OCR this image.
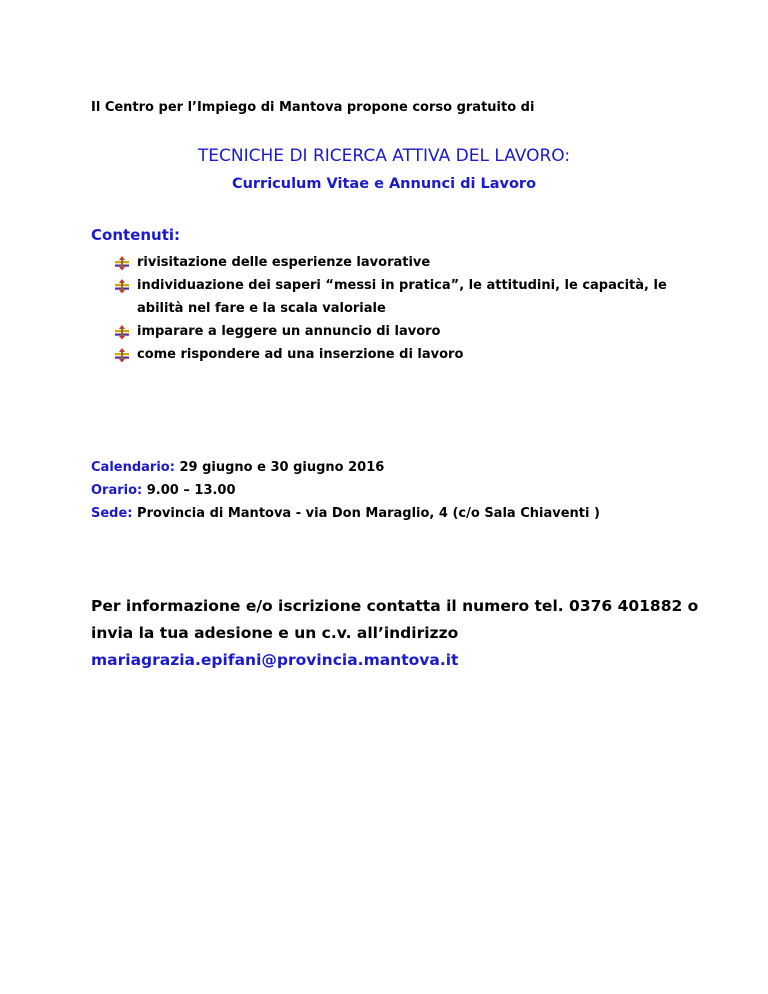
Il Centro per l’Impiego di Mantova propone corso gratuito di
TECNICHE DI RICERCA ATTIVA DEL LAVORO:
Curriculum Vitae e Annunci di Lavoro
Contenuti:
rivisitazione delle esperienze lavorative
individuazione dei saperi “messi in pratica”, le attitudini, le capacità, le abilità nel fare e la scala valoriale
imparare a leggere un annuncio di lavoro
come rispondere ad una inserzione di lavoro
Calendario: 29 giugno e 30 giugno 2016
Orario: 9.00 – 13.00
Sede: Provincia di Mantova - via Don Maraglio, 4 (c/o Sala Chiaventi )
Per informazione e/o iscrizione contatta il numero tel. 0376 401882 o invia la tua adesione e un c.v. all’indirizzo mariagrazia.epifani@provincia.mantova.it
